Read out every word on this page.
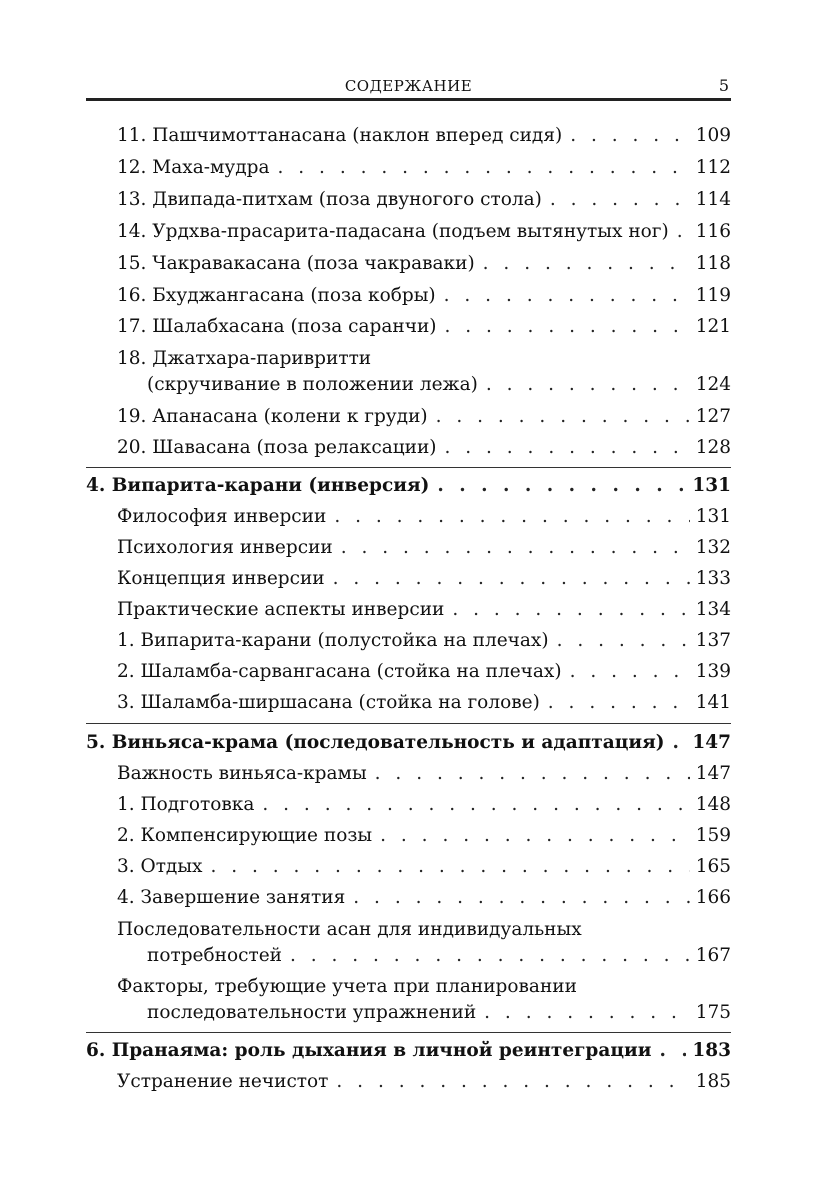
СОДЕРЖАНИЕ	5
11. Пашчимоттанасана (наклон вперед сидя) . . .	109
12. Маха-мудра . . .	112
13. Двипада-питхам (поза двуногого стола) . . .	114
14. Урдхва-прасарита-падасана (подъем вытянутых ног) . . . 116
15. Чакравакасана (поза чакраваки) . . .	118
16. Бхуджангасана (поза кобры) . . .	119
17. Шалабхасана (поза саранчи) . . .	121
18. Джатхара-паривритти
(скручивание в положении лежа) . . .	124
19. Апанасана (колени к груди) . . .	127
20. Шавасана (поза релаксации) . . .	128
4. Випарита-карани (инверсия) . . .	131
Философия инверсии . . .	131
Психология инверсии . . .	132
Концепция инверсии . . .	133
Практические аспекты инверсии . . .	134
1. Випарита-карани (полустойка на плечах) . . .	137
2. Шаламба-сарвангасана (стойка на плечах) . . .	139
3. Шаламба-ширшасана (стойка на голове) . . .	141
5. Виньяса-крама (последовательность и адаптация) . . . 147
Важность виньяса-крамы . . .	147
1. Подготовка . . .	148
2. Компенсирующие позы . . .	159
3. Отдых . . .	165
4. Завершение занятия . . .	166
Последовательности асан для индивидуальных
потребностей . . .	167
Факторы, требующие учета при планировании
последовательности упражнений . . .	175
6. Пранаяма: роль дыхания в личной реинтеграции . . . 183
Устранение нечистот . . .	185
